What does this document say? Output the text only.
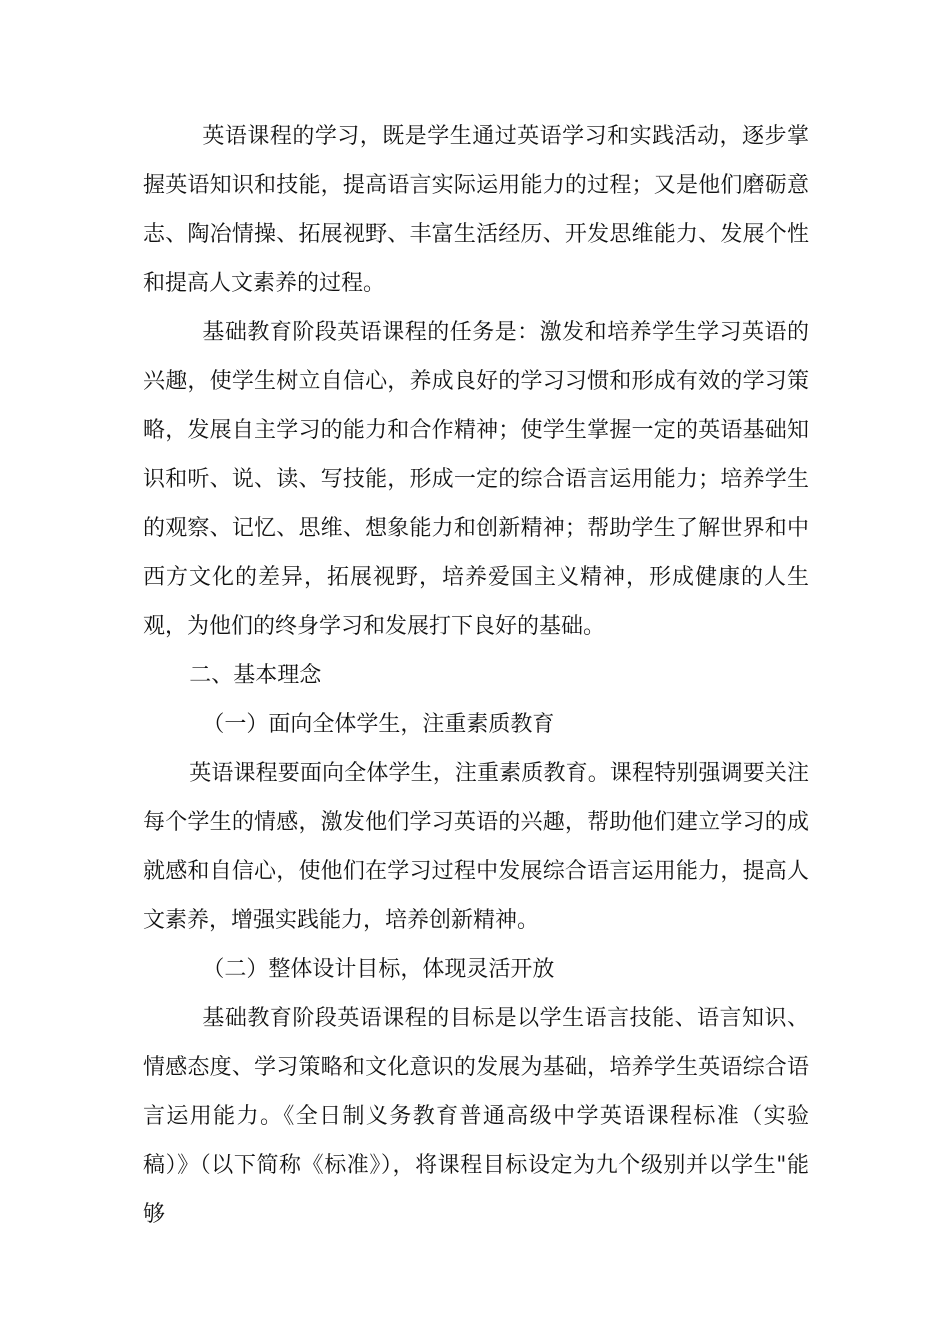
英语课程的学习，既是学生通过英语学习和实践活动，逐步掌握英语知识和技能，提高语言实际运用能力的过程；又是他们磨砺意志、陶冶情操、拓展视野、丰富生活经历、开发思维能力、发展个性和提高人文素养的过程。

基础教育阶段英语课程的任务是：激发和培养学生学习英语的兴趣，使学生树立自信心，养成良好的学习习惯和形成有效的学习策略，发展自主学习的能力和合作精神；使学生掌握一定的英语基础知识和听、说、读、写技能，形成一定的综合语言运用能力；培养学生的观察、记忆、思维、想象能力和创新精神；帮助学生了解世界和中西方文化的差异，拓展视野，培养爱国主义精神，形成健康的人生观，为他们的终身学习和发展打下良好的基础。

二、基本理念

（一）面向全体学生，注重素质教育

英语课程要面向全体学生，注重素质教育。课程特别强调要关注每个学生的情感，激发他们学习英语的兴趣，帮助他们建立学习的成就感和自信心，使他们在学习过程中发展综合语言运用能力，提高人文素养，增强实践能力，培养创新精神。

（二）整体设计目标，体现灵活开放

基础教育阶段英语课程的目标是以学生语言技能、语言知识、情感态度、学习策略和文化意识的发展为基础，培养学生英语综合语言运用能力。《全日制义务教育普通高级中学英语课程标准（实验稿）》（以下简称《标准》），将课程目标设定为九个级别并以学生"能够
